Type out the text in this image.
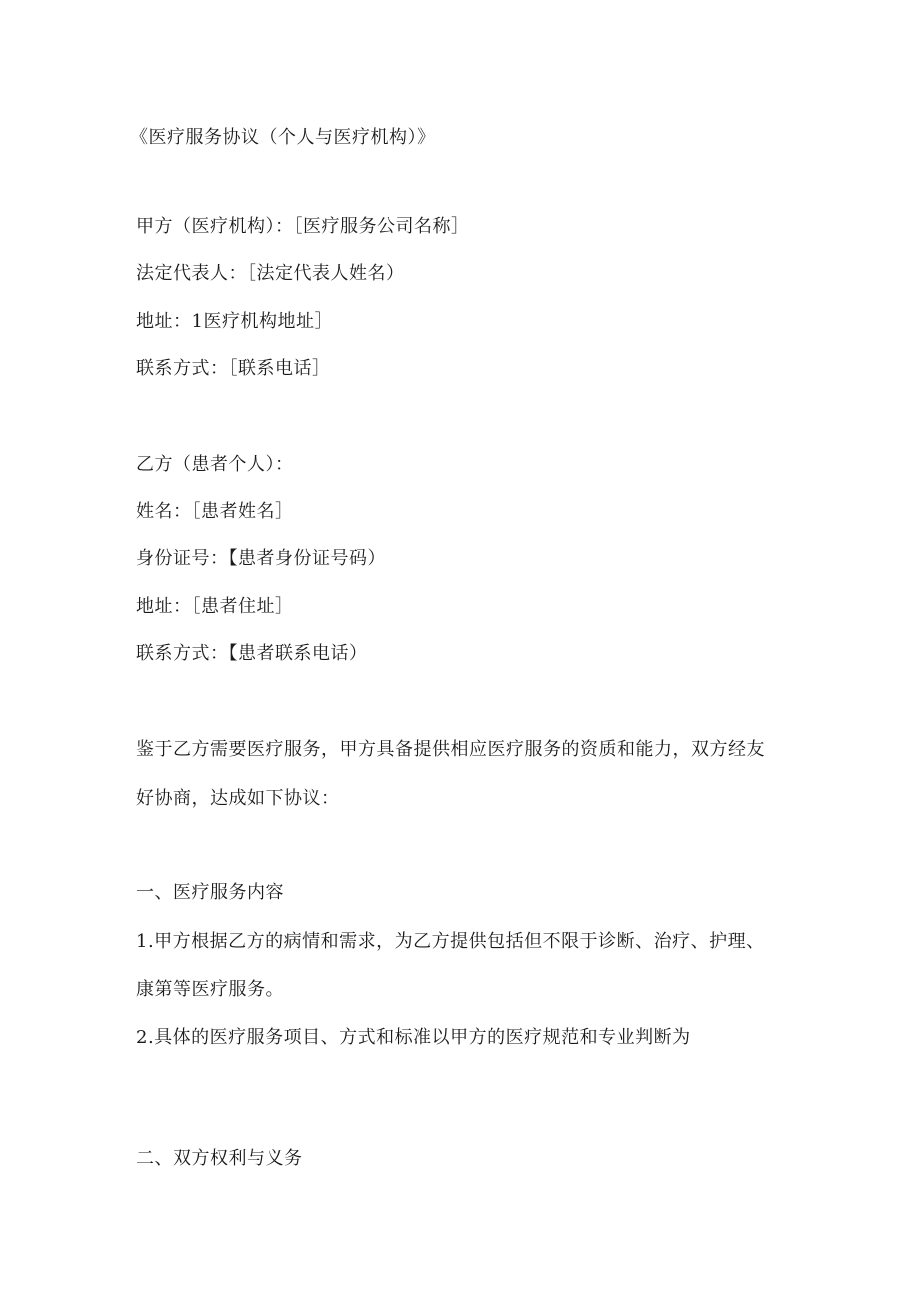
《医疗服务协议（个人与医疗机构）》
甲方（医疗机构）：［医疗服务公司名称］
法定代表人：［法定代表人姓名）
地址：1医疗机构地址］
联系方式：［联系电话］
乙方（患者个人）：
姓名：［患者姓名］
身份证号：【患者身份证号码）
地址：［患者住址］
联系方式：【患者联系电话）
鉴于乙方需要医疗服务，甲方具备提供相应医疗服务的资质和能力，双方经友
好协商，达成如下协议：
一、医疗服务内容
1.甲方根据乙方的病情和需求，为乙方提供包括但不限于诊断、治疗、护理、
康第等医疗服务。
2.具体的医疗服务项目、方式和标准以甲方的医疗规范和专业判断为
二、双方权利与义务
